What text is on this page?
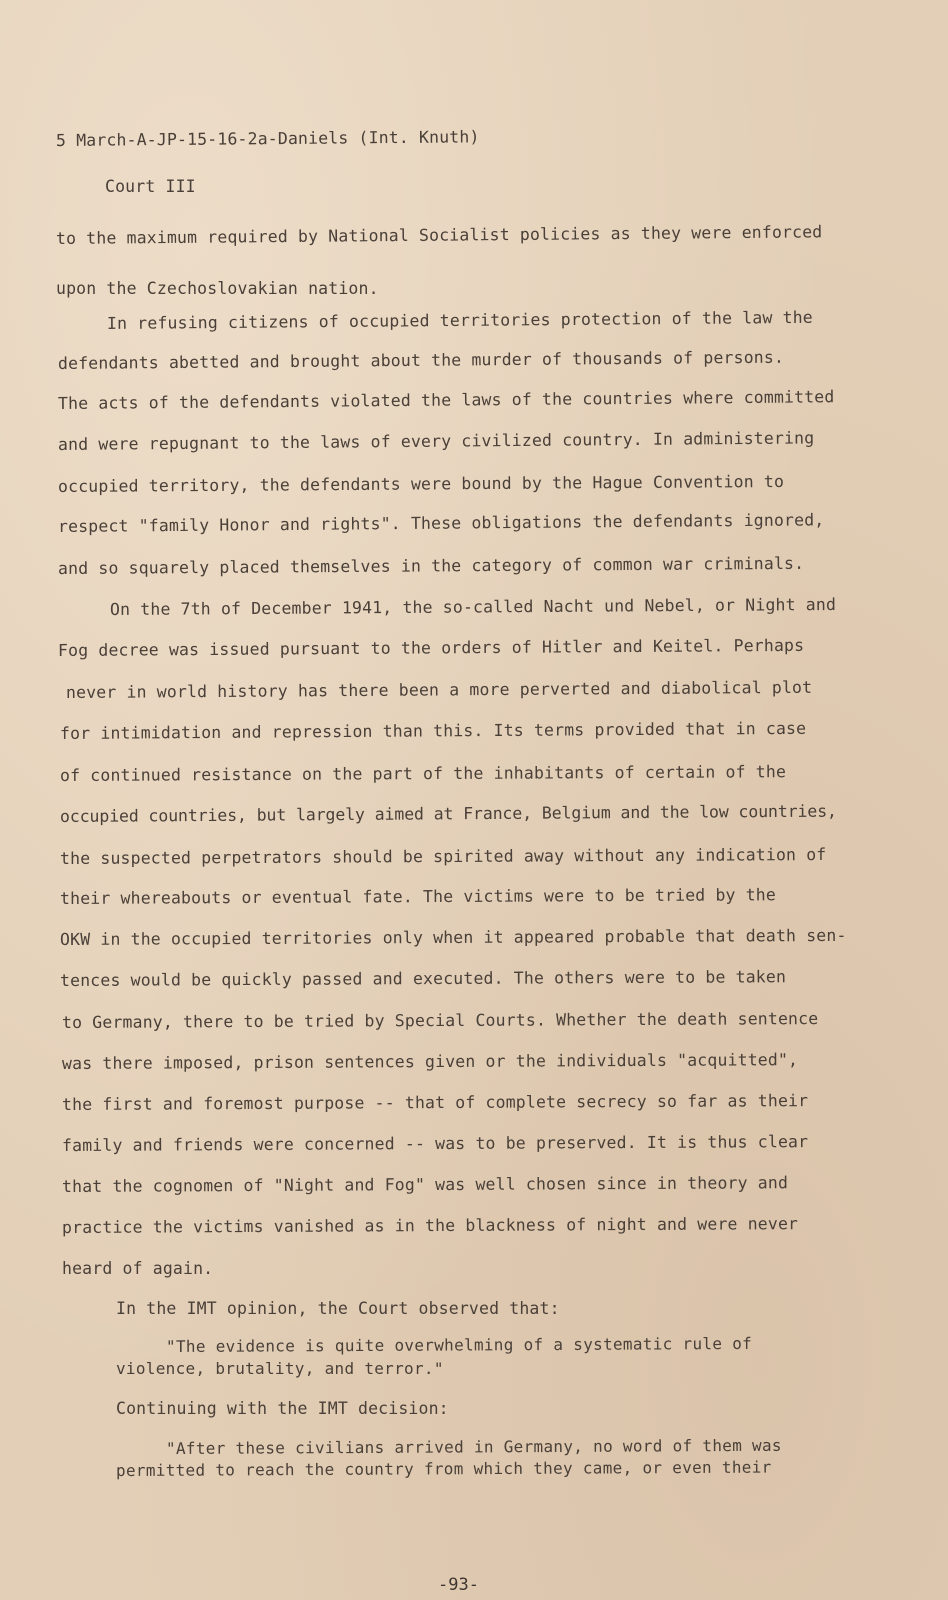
5 March-A-JP-15-16-2a-Daniels (Int. Knuth)
Court III
to the maximum required by National Socialist policies as they were enforced
upon the Czechoslovakian nation.
In refusing citizens of occupied territories protection of the law the
defendants abetted and brought about the murder of thousands of persons.
The acts of the defendants violated the laws of the countries where committed
and were repugnant to the laws of every civilized country. In administering
occupied territory, the defendants were bound by the Hague Convention to
respect "family Honor and rights". These obligations the defendants ignored,
and so squarely placed themselves in the category of common war criminals.
On the 7th of December 1941, the so-called Nacht und Nebel, or Night and
Fog decree was issued pursuant to the orders of Hitler and Keitel. Perhaps
never in world history has there been a more perverted and diabolical plot
for intimidation and repression than this. Its terms provided that in case
of continued resistance on the part of the inhabitants of certain of the
occupied countries, but largely aimed at France, Belgium and the low countries,
the suspected perpetrators should be spirited away without any indication of
their whereabouts or eventual fate. The victims were to be tried by the
OKW in the occupied territories only when it appeared probable that death sen-
tences would be quickly passed and executed. The others were to be taken
to Germany, there to be tried by Special Courts. Whether the death sentence
was there imposed, prison sentences given or the individuals "acquitted",
the first and foremost purpose -- that of complete secrecy so far as their
family and friends were concerned -- was to be preserved. It is thus clear
that the cognomen of "Night and Fog" was well chosen since in theory and
practice the victims vanished as in the blackness of night and were never
heard of again.
In the IMT opinion, the Court observed that:
"The evidence is quite overwhelming of a systematic rule of
violence, brutality, and terror."
Continuing with the IMT decision:
"After these civilians arrived in Germany, no word of them was
permitted to reach the country from which they came, or even their
-93-
